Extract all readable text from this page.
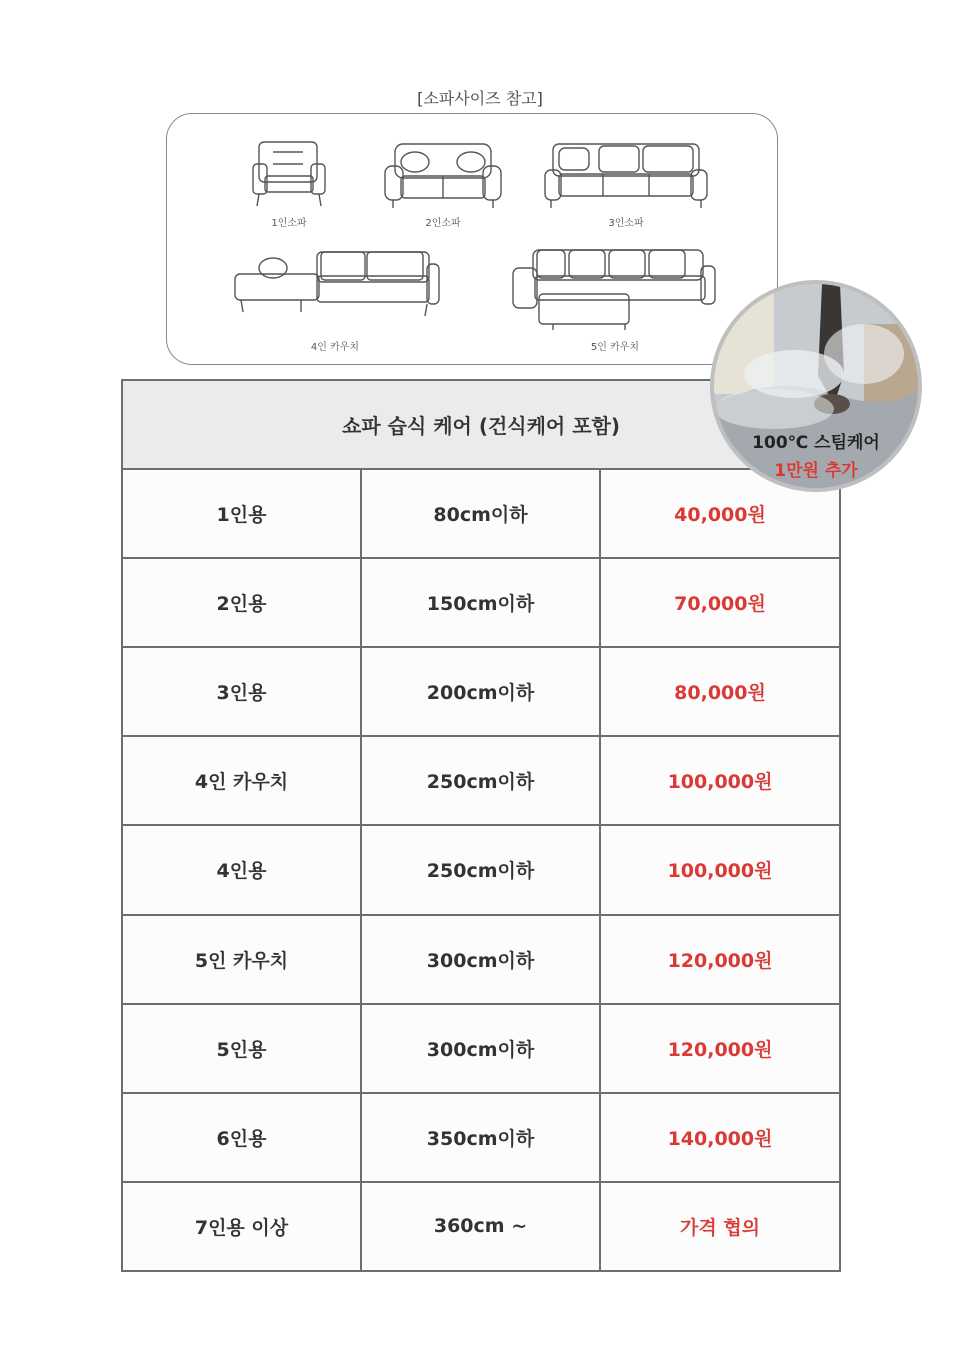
[소파사이즈 참고]
1인소파	2인소파	3인소파
4인 카우치	5인 카우치
쇼파 습식 케어 (건식케어 포함)		
1인용	80cm이하	40,000원
2인용	150cm이하	70,000원
3인용	200cm이하	80,000원
4인 카우치	250cm이하	100,000원
4인용	250cm이하	100,000원
5인 카우치	300cm이하	120,000원
5인용	300cm이하	120,000원
6인용	350cm이하	140,000원
7인용 이상	360cm ~	가격 협의
100℃ 스팀케어
1만원 추가
